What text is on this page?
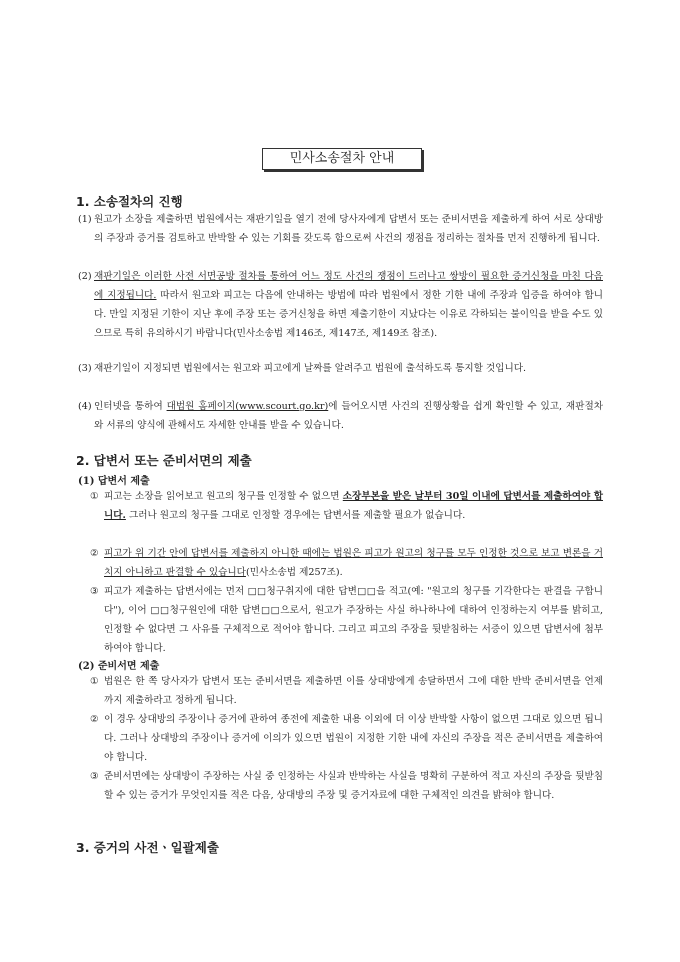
민사소송절차 안내
1. 소송절차의 진행
(1) 원고가 소장을 제출하면 법원에서는 재판기일을 열기 전에 당사자에게 답변서 또는 준비서면을 제출하게 하여 서로 상대방의 주장과 증거를 검토하고 반박할 수 있는 기회를 갖도록 함으로써 사건의 쟁점을 정리하는 절차를 먼저 진행하게 됩니다.
(2) 재판기일은 이러한 사전 서면공방 절차를 통하여 어느 정도 사건의 쟁점이 드러나고 쌍방이 필요한 증거신청을 마친 다음에 지정됩니다. 따라서 원고와 피고는 다음에 안내하는 방법에 따라 법원에서 정한 기한 내에 주장과 입증을 하여야 합니다. 만일 지정된 기한이 지난 후에 주장 또는 증거신청을 하면 제출기한이 지났다는 이유로 각하되는 불이익을 받을 수도 있으므로 특히 유의하시기 바랍니다(민사소송법 제146조, 제147조, 제149조 참조).
(3) 재판기일이 지정되면 법원에서는 원고와 피고에게 날짜를 알려주고 법원에 출석하도록 통지할 것입니다.
(4) 인터넷을 통하여 대법원 홈페이지(www.scourt.go.kr)에 들어오시면 사건의 진행상황을 쉽게 확인할 수 있고, 재판절차와 서류의 양식에 관해서도 자세한 안내를 받을 수 있습니다.
2. 답변서 또는 준비서면의 제출
(1) 답변서 제출
① 피고는 소장을 읽어보고 원고의 청구를 인정할 수 없으면 소장부본을 받은 날부터 30일 이내에 답변서를 제출하여야 합니다. 그러나 원고의 청구를 그대로 인정할 경우에는 답변서를 제출할 필요가 없습니다.
② 피고가 위 기간 안에 답변서를 제출하지 아니한 때에는 법원은 피고가 원고의 청구를 모두 인정한 것으로 보고 변론을 거치지 아니하고 판결할 수 있습니다(민사소송법 제257조).
③ 피고가 제출하는 답변서에는 먼저 □□청구취지에 대한 답변□□을 적고(예: "원고의 청구를 기각한다는 판결을 구합니다"), 이어 □□청구원인에 대한 답변□□으로서, 원고가 주장하는 사실 하나하나에 대하여 인정하는지 여부를 밝히고, 인정할 수 없다면 그 사유를 구체적으로 적어야 합니다. 그리고 피고의 주장을 뒷받침하는 서증이 있으면 답변서에 첨부하여야 합니다.
(2) 준비서면 제출
① 법원은 한 쪽 당사자가 답변서 또는 준비서면을 제출하면 이를 상대방에게 송달하면서 그에 대한 반박 준비서면을 언제까지 제출하라고 정하게 됩니다.
② 이 경우 상대방의 주장이나 증거에 관하여 종전에 제출한 내용 이외에 더 이상 반박할 사항이 없으면 그대로 있으면 됩니다. 그러나 상대방의 주장이나 증거에 이의가 있으면 법원이 지정한 기한 내에 자신의 주장을 적은 준비서면을 제출하여야 합니다.
③ 준비서면에는 상대방이 주장하는 사실 중 인정하는 사실과 반박하는 사실을 명확히 구분하여 적고 자신의 주장을 뒷받침할 수 있는 증거가 무엇인지를 적은 다음, 상대방의 주장 및 증거자료에 대한 구체적인 의견을 밝혀야 합니다.
3. 증거의 사전ㆍ일괄제출
